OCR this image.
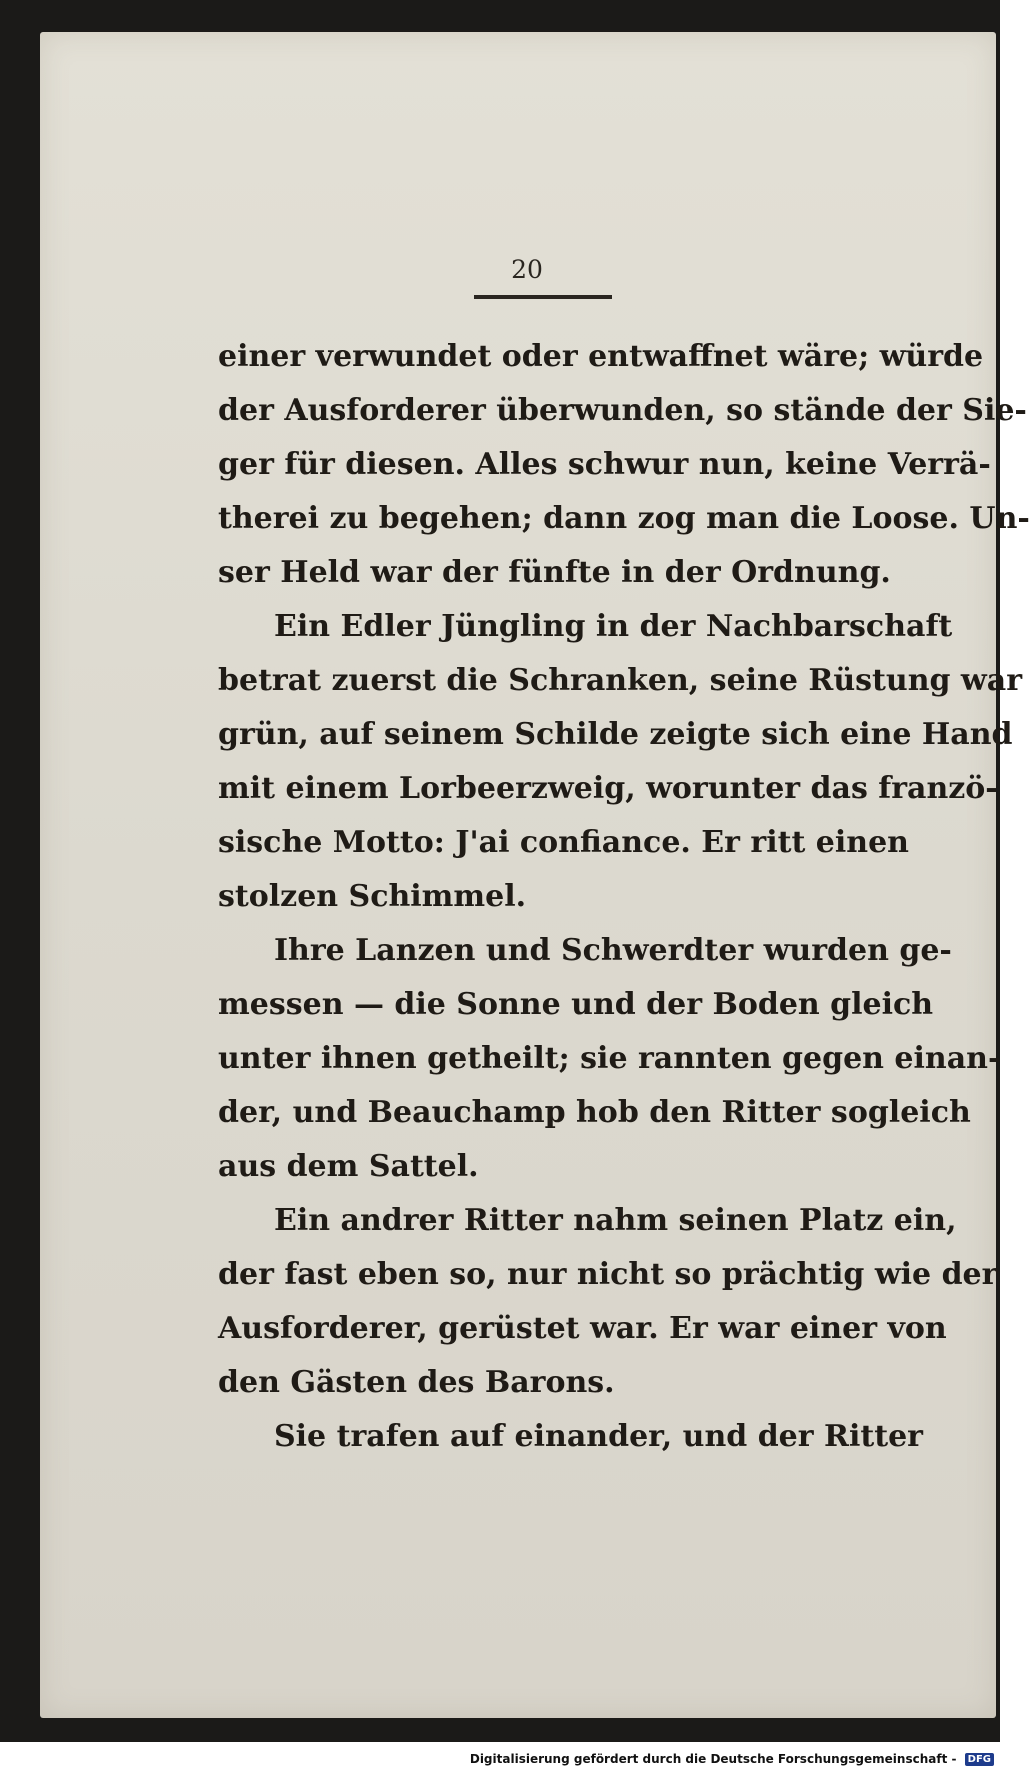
20
einer verwundet oder entwaffnet wäre; würde
der Ausforderer überwunden, so stände der Sie-
ger für diesen. Alles schwur nun, keine Verrä-
therei zu begehen; dann zog man die Loose. Un-
ser Held war der fünfte in der Ordnung.
Ein Edler Jüngling in der Nachbarschaft
betrat zuerst die Schranken, seine Rüstung war
grün, auf seinem Schilde zeigte sich eine Hand
mit einem Lorbeerzweig, worunter das franzö-
sische Motto: J'ai confiance. Er ritt einen
stolzen Schimmel.
Ihre Lanzen und Schwerdter wurden ge-
messen — die Sonne und der Boden gleich
unter ihnen getheilt; sie rannten gegen einan-
der, und Beauchamp hob den Ritter sogleich
aus dem Sattel.
Ein andrer Ritter nahm seinen Platz ein,
der fast eben so, nur nicht so prächtig wie der
Ausforderer, gerüstet war. Er war einer von
den Gästen des Barons.
Sie trafen auf einander, und der Ritter
Digitalisierung gefördert durch die Deutsche Forschungsgemeinschaft - DFG
